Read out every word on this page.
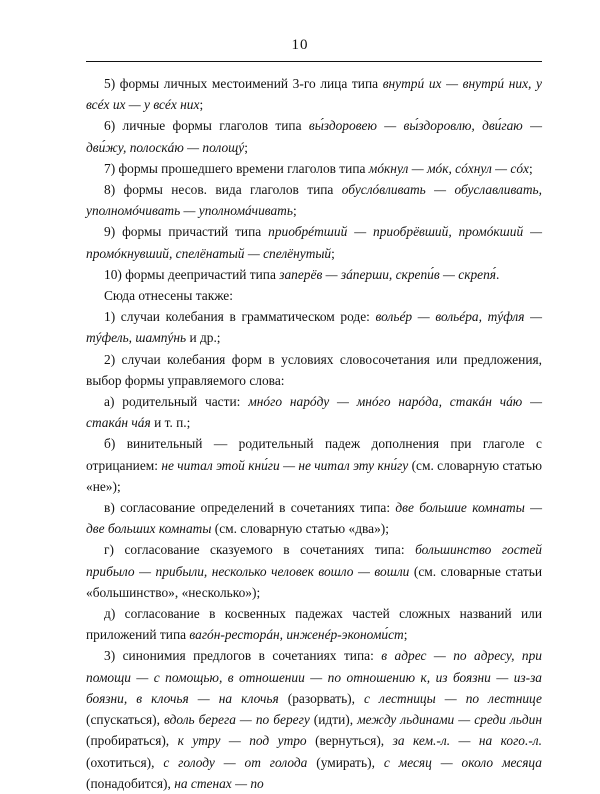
10

5) формы личных местоимений 3-го лица типа внутрú их — внутрú них, у всéх их — у всéх них;

6) личные формы глаголов типа вы́здоровею — вы́здоровлю, дви́гаю — дви́жу, полоскáю — полощý;

7) формы прошедшего времени глаголов типа мóкнул — мóк, сóхнул — сóх;

8) формы несов. вида глаголов типа обуслóвливать — обуславливать, уполномóчивать — уполномáчивать;

9) формы причастий типа приобрéтший — приобрёвший, промóкший — промóкнувший, спелёнатый — спелёнутый;

10) формы деепричастий типа заперёв — зáперши, скрепи́в — скрепя́.

Сюда отнесены также:

1) случаи колебания в грамматическом роде: вольéр — вольéра, тýфля — тýфель, шампýнь и др.;

2) случаи колебания форм в условиях словосочетания или предложения, выбор формы управляемого слова:

а) родительный части: мнóго нарóду — мнóго нарóда, стакáн чáю — стакáн чáя и т. п.;

б) винительный — родительный падеж дополнения при глаголе с отрицанием: не читал этой кни́ги — не читал эту кни́гу (см. словарную статью «не»);

в) согласование определений в сочетаниях типа: две большие комнаты — две больших комнаты (см. словарную статью «два»);

г) согласование сказуемого в сочетаниях типа: большинство гостей прибыло — прибыли, несколько человек вошло — вошли (см. словарные статьи «большинство», «несколько»);

д) согласование в косвенных падежах частей сложных названий или приложений типа вагóн-ресторáн, инженéр-экономи́ст;

3) синонимия предлогов в сочетаниях типа: в адрес — по адресу, при помощи — с помощью, в отношении — по отношению к, из боязни — из-за боязни, в клочья — на клочья (разорвать), с лестницы — по лестнице (спускаться), вдоль берега — по берегу (идти), между льдинами — среди льдин (пробираться), к утру — под утро (вернуться), за кем.-л. — на кого.-л. (охотиться), с голоду — от голода (умирать), с месяц — около месяца (понадобится), на стенах — по
